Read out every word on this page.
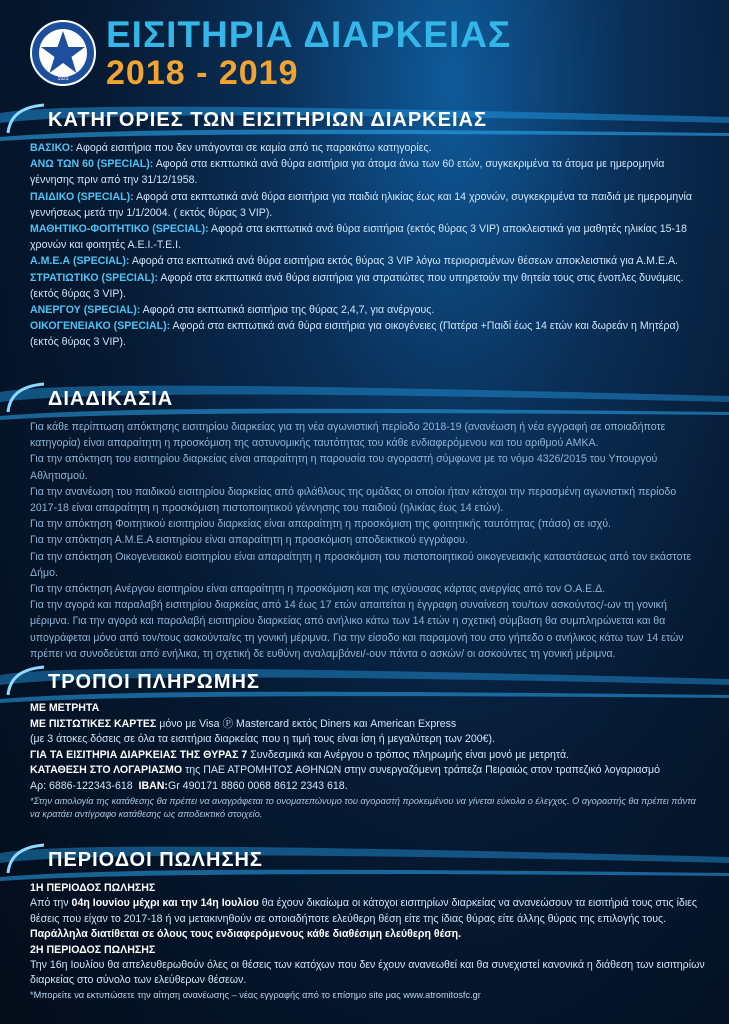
1923
ΕΙΣΙΤΗΡΙΑ ΔΙΑΡΚΕΙΑΣ
2018 - 2019
ΚΑΤΗΓΟΡΙΕΣ ΤΩΝ ΕΙΣΙΤΗΡΙΩΝ ΔΙΑΡΚΕΙΑΣ

ΒΑΣΙΚΟ: Αφορά εισιτήρια που δεν υπάγονται σε καμία από τις παρακάτω κατηγορίες.

ΑΝΩ ΤΩΝ 60 (SPECIAL): Αφορά στα εκπτωτικά ανά θύρα εισιτήρια για άτομα άνω των 60 ετών, συγκεκριμένα τα άτομα με ημερομηνία γέννησης πριν από την 31/12/1958.

ΠΑΙΔΙΚΟ (SPECIAL): Αφορά στα εκπτωτικά ανά θύρα εισιτήρια για παιδιά ηλικίας έως και 14 χρονών, συγκεκριμένα τα παιδιά με ημερομηνία γεννήσεως μετά την 1/1/2004. ( εκτός θύρας 3 VIP).

ΜΑΘΗΤΙΚΟ-ΦΟΙΤΗΤΙΚΟ (SPECIAL): Αφορά στα εκπτωτικά ανά θύρα εισιτήρια (εκτός θύρας 3 VIP) αποκλειστικά για μαθητές ηλικίας 15-18 χρονών και φοιτητές Α.Ε.Ι.-Τ.Ε.Ι.

Α.Μ.Ε.Α (SPECIAL): Αφορά στα εκπτωτικά ανά θύρα εισιτήρια εκτός θύρας 3 VIP λόγω περιορισμένων θέσεων αποκλειστικά για Α.Μ.Ε.Α.

ΣΤΡΑΤΙΩΤΙΚΟ (SPECIAL): Αφορά στα εκπτωτικά ανά θύρα εισιτήρια για στρατιώτες που υπηρετούν την θητεία τους στις ένοπλες δυνάμεις. (εκτός θύρας 3 VIP).

ΑΝΕΡΓΟΥ (SPECIAL): Αφορά στα εκπτωτικά εισιτήρια της θύρας 2,4,7, για ανέργους.

ΟΙΚΟΓΕΝΕΙΑΚΟ (SPECIAL): Αφορά στα εκπτωτικά ανά θύρα εισιτήρια για οικογένειες (Πατέρα +Παιδί έως 14 ετών και δωρεάν η Μητέρα) (εκτός θύρας 3 VIP).

ΔΙΑΔΙΚΑΣΙΑ

Για κάθε περίπτωση απόκτησης εισιτηρίου διαρκείας για τη νέα αγωνιστική περίοδο 2018-19 (ανανέωση ή νέα εγγραφή σε οποιαδήποτε κατηγορία) είναι απαραίτητη η προσκόμιση της αστυνομικής ταυτότητας του κάθε ενδιαφερόμενου και του αριθμού ΑΜΚΑ.

Για την απόκτηση του εισιτηρίου διαρκείας είναι απαραίτητη η παρουσία του αγοραστή σύμφωνα με το νόμο 4326/2015 του Υπουργού Αθλητισμού.

Για την ανανέωση του παιδικού εισιτηρίου διαρκείας από φιλάθλους της ομάδας οι οποίοι ήταν κάτοχοι την περασμένη αγωνιστική περίοδο 2017-18 είναι απαραίτητη η προσκόμιση πιστοποιητικού γέννησης του παιδιού (ηλικίας έως 14 ετών).

Για την απόκτηση Φοιτητικού εισιτηρίου διαρκείας είναι απαραίτητη η προσκόμιση της φοιτητικής ταυτότητας (πάσο) σε ισχύ.

Για την απόκτηση Α.Μ.Ε.Α εισιτηρίου είναι απαραίτητη η προσκόμιση αποδεικτικού εγγράφου.

Για την απόκτηση Οικογενειακού εισιτηρίου είναι απαραίτητη η προσκόμιση του πιστοποιητικού οικογενειακής καταστάσεως από τον εκάστοτε Δήμο.

Για την απόκτηση Ανέργου εισιτηρίου είναι απαραίτητη η προσκόμιση και της ισχύουσας κάρτας ανεργίας από τον Ο.Α.Ε.Δ.

Για την αγορά και παραλαβή εισιτηρίου διαρκείας από 14 έως 17 ετών απαιτείται η έγγραφη συναίνεση του/των ασκούντος/-ων τη γονική μέριμνα. Για την αγορά και παραλαβή εισιτηρίου διαρκείας από ανήλικο κάτω των 14 ετών η σχετική σύμβαση θα συμπληρώνεται και θα υπογράφεται μόνο από τον/τους ασκούντα/ες τη γονική μέριμνα. Για την είσοδο και παραμονή του στο γήπεδο ο ανήλικος κάτω των 14 ετών πρέπει να συνοδεύεται από ενήλικα, τη σχετική δε ευθύνη αναλαμβάνει/-ουν πάντα ο ασκών/ οι ασκούντες τη γονική μέριμνα.

ΤΡΟΠΟΙ ΠΛΗΡΩΜΗΣ

ΜΕ ΜΕΤΡΗΤΑ

ΜΕ ΠΙΣΤΩΤΙΚΕΣ ΚΑΡΤΕΣ μόνο με Visa Ⓟ Mastercard εκτός Diners και American Express

(με 3 άτοκες δόσεις σε όλα τα εισιτήρια διαρκείας που η τιμή τους είναι ίση ή μεγαλύτερη των 200€).

ΓΙΑ ΤΑ ΕΙΣΙΤΗΡΙΑ ΔΙΑΡΚΕΙΑΣ ΤΗΣ ΘΥΡΑΣ 7 Συνδεσμικά και Ανέργου ο τρόπος πληρωμής είναι μονό με μετρητά.

ΚΑΤΑΘΕΣΗ ΣΤΟ ΛΟΓΑΡΙΑΣΜΟ της ΠΑΕ ΑΤΡΟΜΗΤΟΣ ΑΘΗΝΩΝ στην συνεργαζόμενη τράπεζα Πειραιώς στον τραπεζικό λογαριασμό

Αρ: 6886-122343-618 IBAN:Gr 490171 8860 0068 8612 2343 618.

*Στην αιτιολογία της κατάθεσης θα πρέπει να αναγράφεται το ονοματεπώνυμο του αγοραστή προκειμένου να γίνεται εύκολα ο έλεγχος. Ο αγοραστής θα πρέπει πάντα να κρατάει αντίγραφο κατάθεσης ως αποδεικτικό στοιχείο.

ΠΕΡΙΟΔΟΙ ΠΩΛΗΣΗΣ

1Η ΠΕΡΙΟΔΟΣ ΠΩΛΗΣΗΣ

Από την 04η Ιουνίου μέχρι και την 14η Ιουλίου θα έχουν δικαίωμα οι κάτοχοι εισιτηρίων διαρκείας να ανανεώσουν τα εισιτήριά τους στις ίδιες θέσεις που είχαν το 2017-18 ή να μετακινηθούν σε οποιαδήποτε ελεύθερη θέση είτε της ίδιας θύρας είτε άλλης θύρας της επιλογής τους. Παράλληλα διατίθεται σε όλους τους ενδιαφερόμενους κάθε διαθέσιμη ελεύθερη θέση.

2Η ΠΕΡΙΟΔΟΣ ΠΩΛΗΣΗΣ

Την 16η Ιουλίου θα απελευθερωθούν όλες οι θέσεις των κατόχων που δεν έχουν ανανεωθεί και θα συνεχιστεί κανονικά η διάθεση των εισιτηρίων διαρκείας στο σύνολο των ελεύθερων θέσεων.

*Μπορείτε να εκτυπώσετε την αίτηση ανανέωσης – νέας εγγραφής από το επίσημο site μας www.atromitosfc.gr
